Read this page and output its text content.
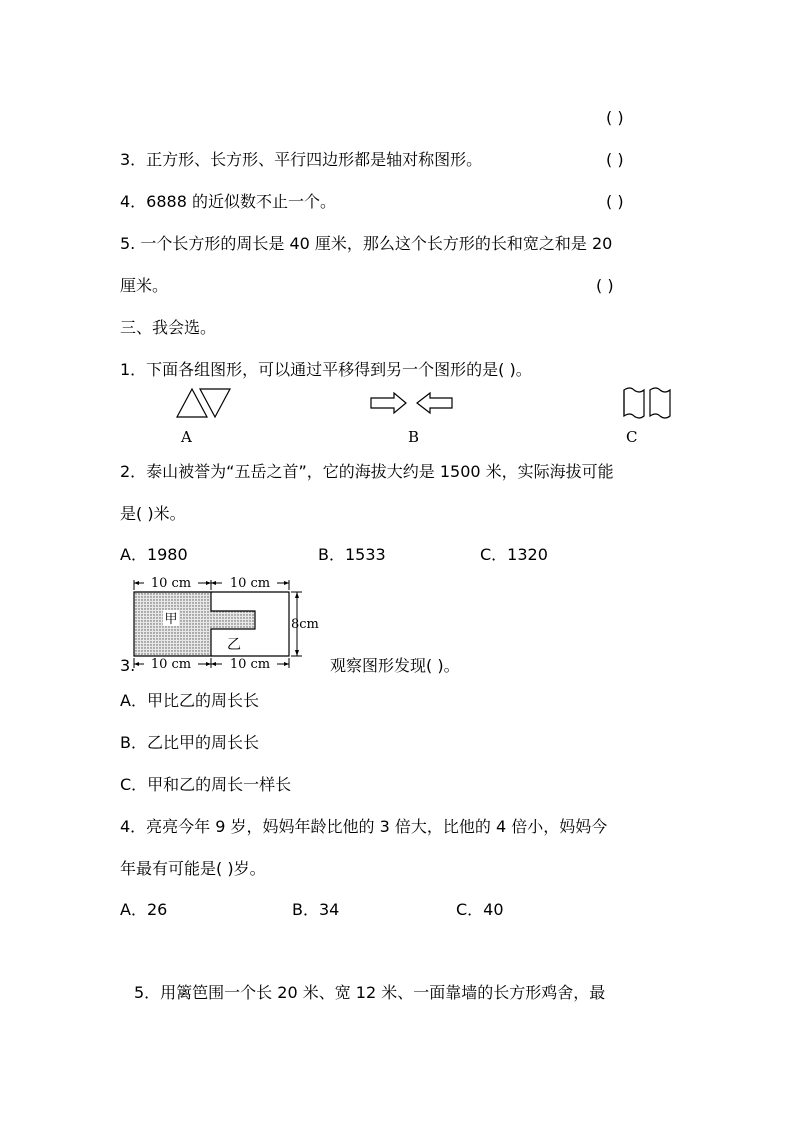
( )
3．正方形、长方形、平行四边形都是轴对称图形。	( )
4．6888 的近似数不止一个。	( )
5. 一个长方形的周长是 40 厘米，那么这个长方形的长和宽之和是 20
厘米。	( )
三、我会选。
1．下面各组图形，可以通过平移得到另一个图形的是( )。
A	B	C
2．泰山被誉为“五岳之首”，它的海拔大约是 1500 米，实际海拔可能
是( )米。
A．1980	B．1533	C．1320
10 cm	10 cm
10 cm	10 cm
8cm
甲
乙
3.	观察图形发现( )。
A．甲比乙的周长长
B．乙比甲的周长长
C．甲和乙的周长一样长
4．亮亮今年 9 岁，妈妈年龄比他的 3 倍大，比他的 4 倍小，妈妈今
年最有可能是( )岁。
A．26	B．34	C．40
5．用篱笆围一个长 20 米、宽 12 米、一面靠墙的长方形鸡舍，最
